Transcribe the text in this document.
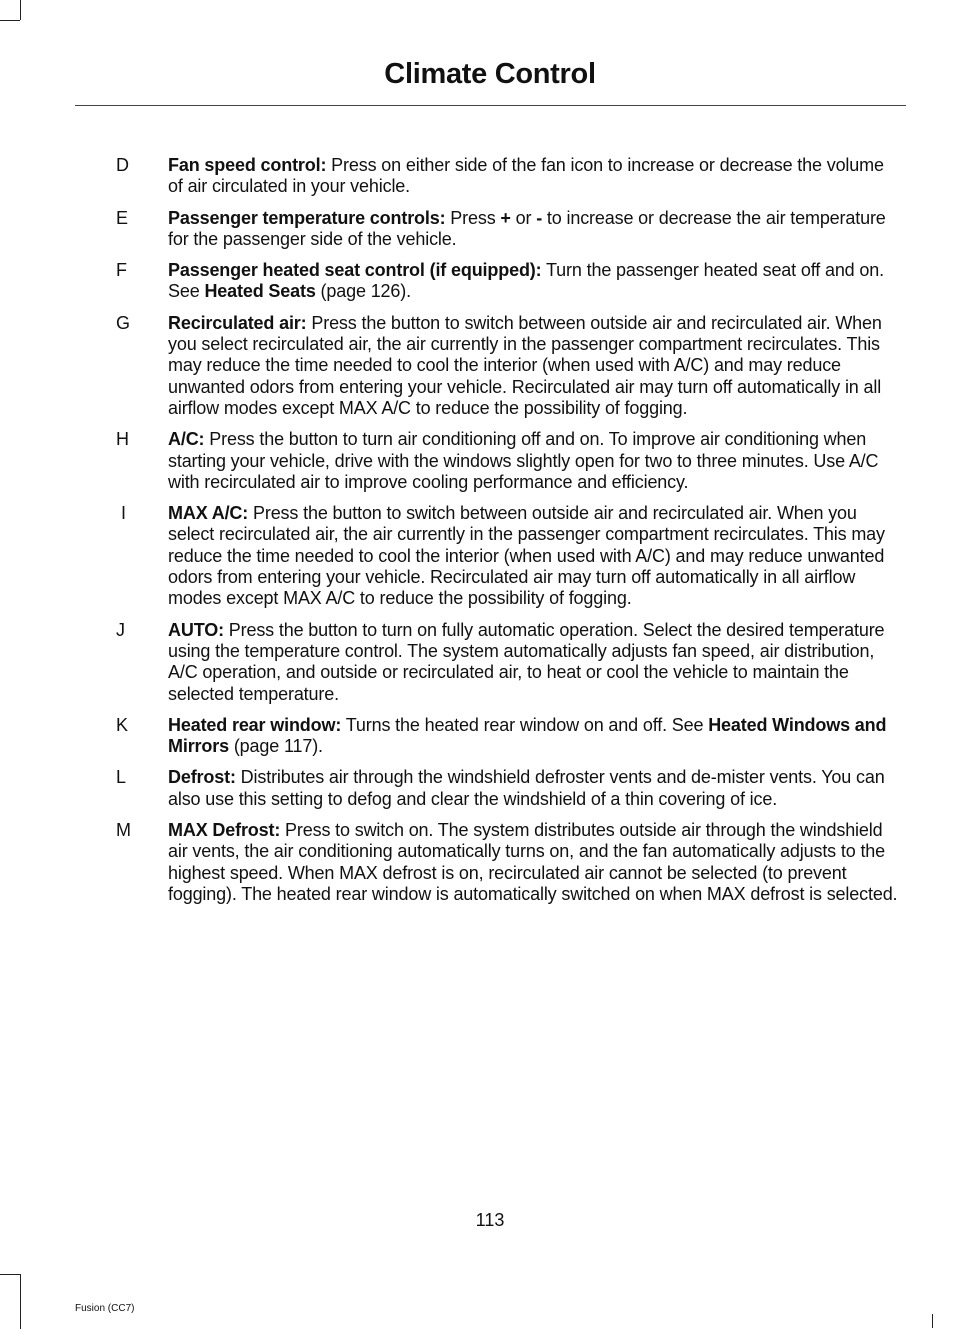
Climate Control
D	Fan speed control: Press on either side of the fan icon to increase or decrease the volume of air circulated in your vehicle.
E	Passenger temperature controls: Press + or - to increase or decrease the air temperature for the passenger side of the vehicle.
F	Passenger heated seat control (if equipped): Turn the passenger heated seat off and on. See Heated Seats (page 126).
G	Recirculated air: Press the button to switch between outside air and recirculated air. When you select recirculated air, the air currently in the passenger compartment recirculates. This may reduce the time needed to cool the interior (when used with A/C) and may reduce unwanted odors from entering your vehicle. Recirculated air may turn off automatically in all airflow modes except MAX A/C to reduce the possibility of fogging.
H	A/C: Press the button to turn air conditioning off and on. To improve air conditioning when starting your vehicle, drive with the windows slightly open for two to three minutes. Use A/C with recirculated air to improve cooling performance and efficiency.
I	MAX A/C: Press the button to switch between outside air and recirculated air. When you select recirculated air, the air currently in the passenger compartment recirculates. This may reduce the time needed to cool the interior (when used with A/C) and may reduce unwanted odors from entering your vehicle. Recirculated air may turn off automatically in all airflow modes except MAX A/C to reduce the possibility of fogging.
J	AUTO: Press the button to turn on fully automatic operation. Select the desired temperature using the temperature control. The system automatically adjusts fan speed, air distribution, A/C operation, and outside or recirculated air, to heat or cool the vehicle to maintain the selected temperature.
K	Heated rear window: Turns the heated rear window on and off. See Heated Windows and Mirrors (page 117).
L	Defrost: Distributes air through the windshield defroster vents and de-mister vents. You can also use this setting to defog and clear the windshield of a thin covering of ice.
M	MAX Defrost: Press to switch on. The system distributes outside air through the windshield air vents, the air conditioning automatically turns on, and the fan automatically adjusts to the highest speed. When MAX defrost is on, recirculated air cannot be selected (to prevent fogging). The heated rear window is automatically switched on when MAX defrost is selected.
113
Fusion (CC7)
